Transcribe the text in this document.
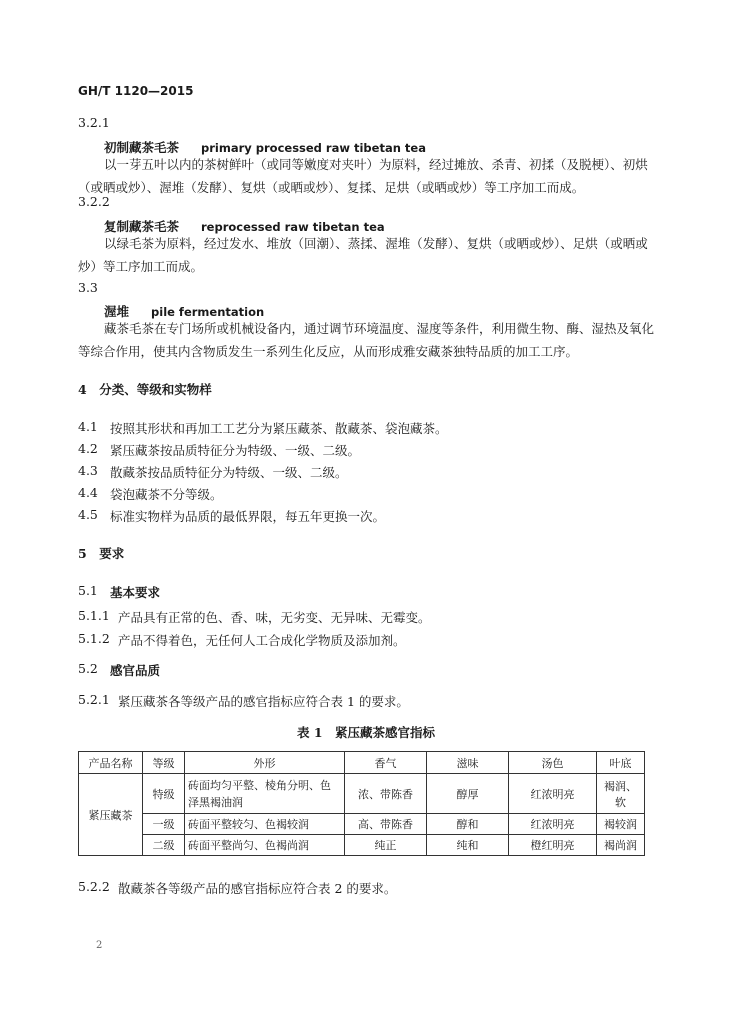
GH/T 1120—2015
3.2.1
初制藏茶毛茶 primary processed raw tibetan tea
以一芽五叶以内的茶树鲜叶（或同等嫩度对夹叶）为原料，经过摊放、杀青、初揉（及脱梗）、初烘（或晒或炒）、渥堆（发酵）、复烘（或晒或炒）、复揉、足烘（或晒或炒）等工序加工而成。
3.2.2
复制藏茶毛茶 reprocessed raw tibetan tea
以绿毛茶为原料，经过发水、堆放（回潮）、蒸揉、渥堆（发酵）、复烘（或晒或炒）、足烘（或晒或炒）等工序加工而成。
3.3
渥堆 pile fermentation
藏茶毛茶在专门场所或机械设备内，通过调节环境温度、湿度等条件，利用微生物、酶、湿热及氧化等综合作用，使其内含物质发生一系列生化反应，从而形成雅安藏茶独特品质的加工工序。
4　分类、等级和实物样
4.1 按照其形状和再加工工艺分为紧压藏茶、散藏茶、袋泡藏茶。
4.2 紧压藏茶按品质特征分为特级、一级、二级。
4.3 散藏茶按品质特征分为特级、一级、二级。
4.4 袋泡藏茶不分等级。
4.5 标准实物样为品质的最低界限，每五年更换一次。
5　要求
5.1 基本要求
5.1.1 产品具有正常的色、香、味，无劣变、无异味、无霉变。
5.1.2 产品不得着色，无任何人工合成化学物质及添加剂。
5.2 感官品质
5.2.1 紧压藏茶各等级产品的感官指标应符合表 1 的要求。
表 1　紧压藏茶感官指标
产品名称	等级	外形	香气	滋味	汤色	叶底
紧压藏茶	特级	砖面均匀平整、棱角分明、色泽黑褐油润	浓、带陈香	醇厚	红浓明亮	褐润、软
	一级	砖面平整较匀、色褐较润	高、带陈香	醇和	红浓明亮	褐较润
	二级	砖面平整尚匀、色褐尚润	纯正	纯和	橙红明亮	褐尚润
5.2.2 散藏茶各等级产品的感官指标应符合表 2 的要求。
2
